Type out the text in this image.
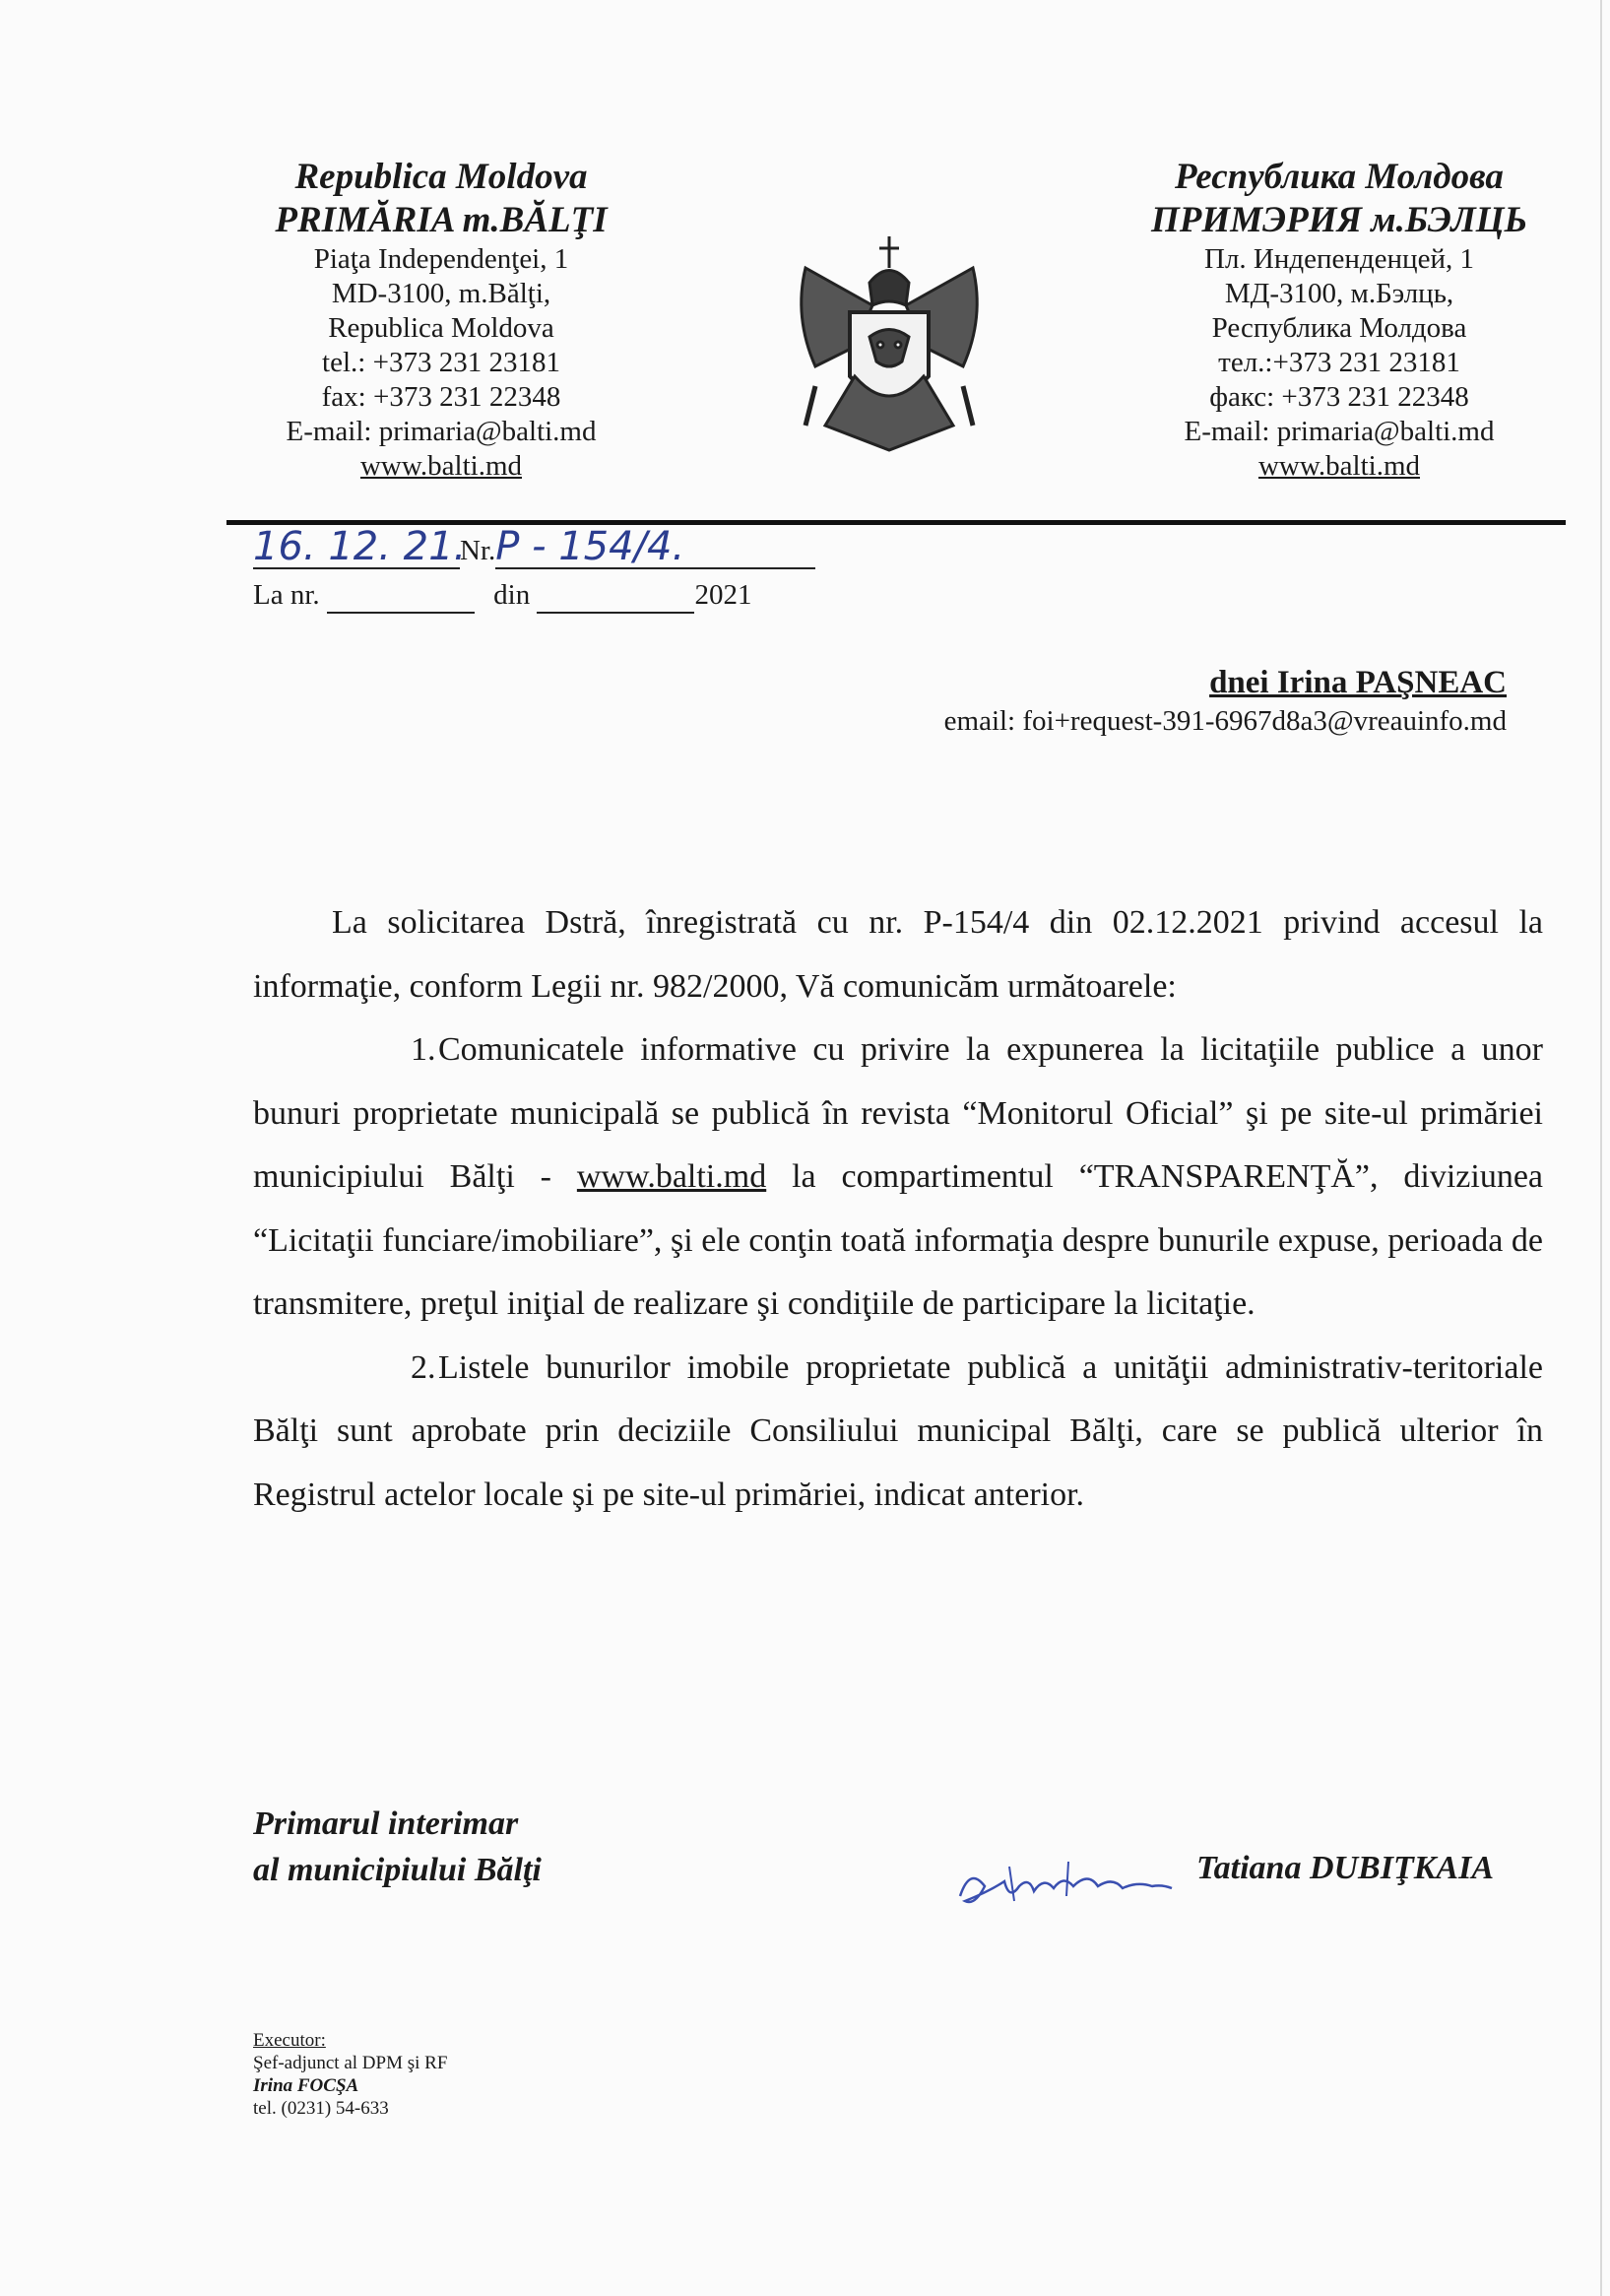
Republica Moldova
PRIMĂRIA m.BĂLŢI
Piaţa Independenţei, 1
MD-3100, m.Bălţi,
Republica Moldova
tel.: +373 231 23181
fax: +373 231 22348
E-mail: primaria@balti.md
www.balti.md
Республика Молдова
ПРИМЭРИЯ м.БЭЛЦЬ
Пл. Индепенденцей, 1
МД-3100, м.Бэлць,
Республика Молдова
тел.:+373 231 23181
факс: +373 231 22348
E-mail: primaria@balti.md
www.balti.md
16. 12. 21.Nr.P - 154/4.
La nr.	din	2021
dnei Irina PAŞNEAC
email: foi+request-391-6967d8a3@vreauinfo.md

La solicitarea Dstră, înregistrată cu nr. P-154/4 din 02.12.2021 privind accesul la informaţie, conform Legii nr. 982/2000, Vă comunicăm următoarele:

1.Comunicatele informative cu privire la expunerea la licitaţiile publice a unor bunuri proprietate municipală se publică în revista “Monitorul Oficial” şi pe site-ul primăriei municipiului Bălţi - www.balti.md la compartimentul “TRANSPARENŢĂ”, diviziunea “Licitaţii funciare/imobiliare”, şi ele conţin toată informaţia despre bunurile expuse, perioada de transmitere, preţul iniţial de realizare şi condiţiile de participare la licitaţie.

2.Listele bunurilor imobile proprietate publică a unităţii administrativ-teritoriale Bălţi sunt aprobate prin deciziile Consiliului municipal Bălţi, care se publică ulterior în Registrul actelor locale şi pe site-ul primăriei, indicat anterior.

Primarul interimar
al municipiului Bălţi	Tatiana DUBIŢKAIA
Executor:
Şef-adjunct al DPM şi RF
Irina FOCŞA
tel. (0231) 54-633
